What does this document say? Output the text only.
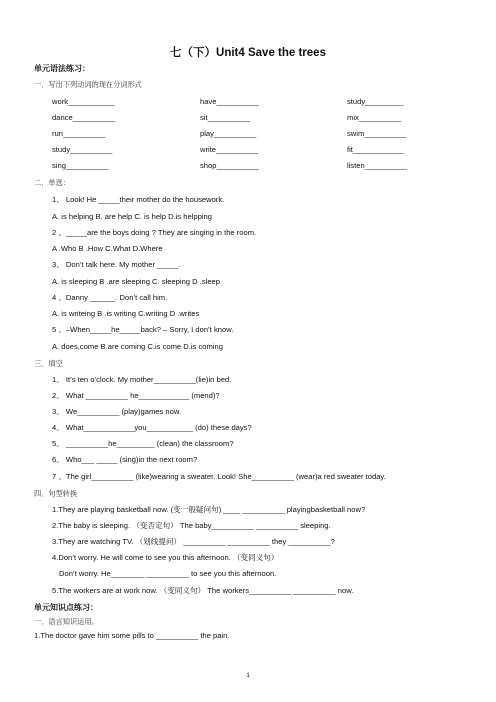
七（下）Unit4 Save the trees
单元语法练习：
一．写出下列动词的现在分词形式
work___________	have__________	study_________
dance__________	sit__________	mix__________
run__________	play__________	swim__________
study__________	write__________	fit____________
sing__________	shop__________	listen__________
二．单选：
1、 Look! He _____their mother do the housework.
A. is helping B. are help C. is help D.is helpping
2 、_____are the boys doing ? They are singing in the room.
A .Who B .How C.What D.Where
3、 Don’t talk here. My mother _____.
A. is sleeping B .are sleeping C. sleeping D .sleep
4 、Danny ______. Don’t call him.
A. is writeing B .is writing C.writing D .writes
5 、–When_____he_____back? – Sorry, I don’t know.
A. does,come B.are coming C.is come D.is coming
三．填空
1、 It’s ten o’clock. My mother__________(lie)in bed.
2、 What __________ he____________ (mend)?
3、 We__________ (play)games now.
4、 What____________you___________ (do) these days?
5、 __________he_________ (clean) the classroom?
6、 Who___ _____ (sing)in the next room?
7 、The girl__________ (like)wearing a sweater. Look! She__________ (wear)a red sweater today.
四．句型转换
1.They are playing basketball now. (变一般疑问句) ____ __________ playingbasketball now?
2.The baby is sleeping. （变否定句） The baby__________ __________ sleeping.
3.They are watching TV. （划线提问） __________ __________ they __________?
4.Don’t worry. He will come to see you this afternoon. （变同义句）
Don’t worry. He________ __________ to see you this afternoon.
5.The workers are at work now. （变同义句） The workers__________ __________ now.
单元知识点练习：
一．语言知识运用。
1.The doctor gave him some pills to __________ the pain.
1
